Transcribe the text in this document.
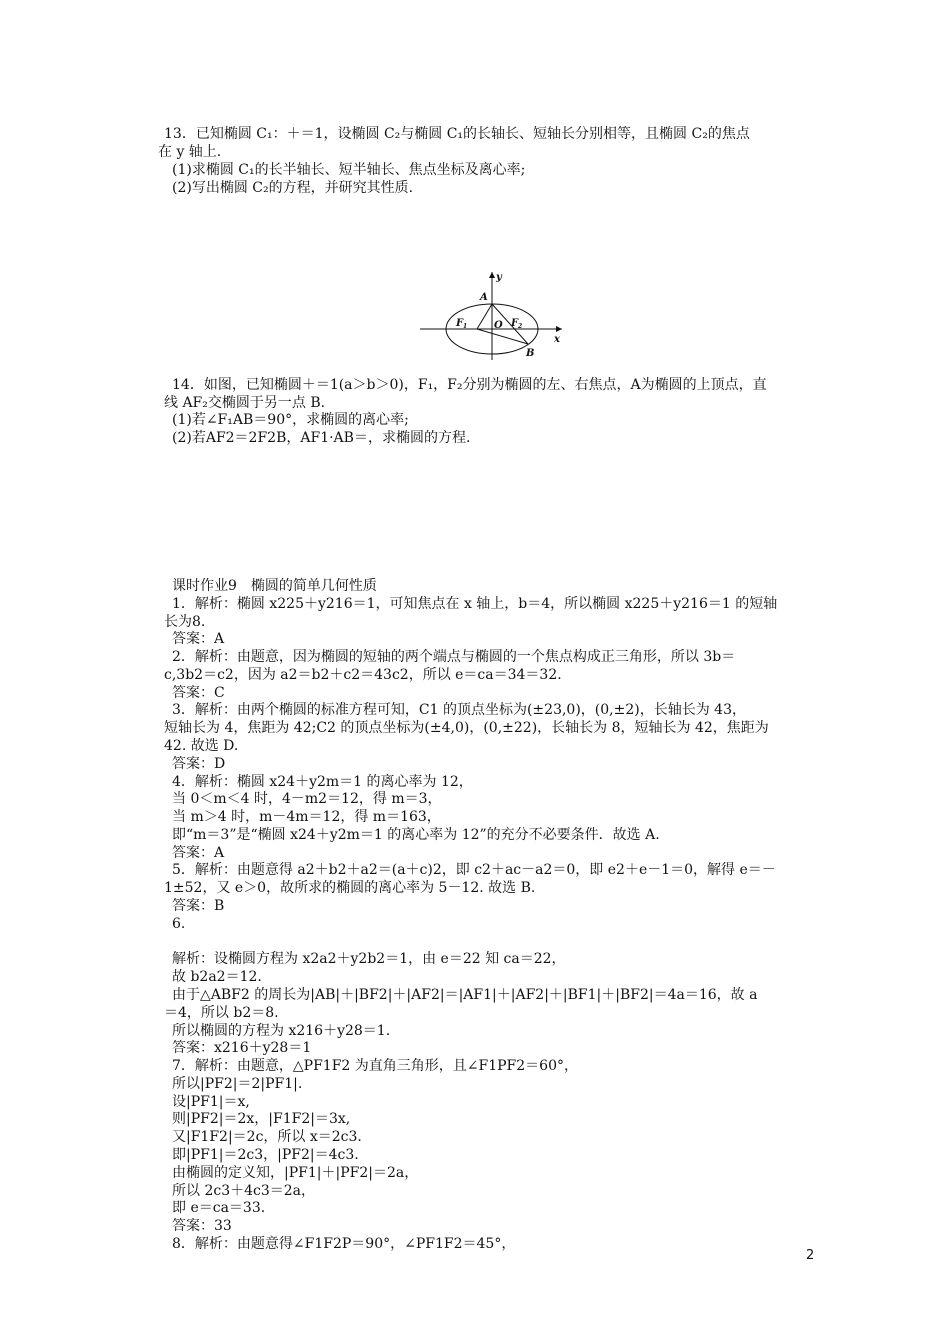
13．已知椭圆 C₁：＋＝1，设椭圆 C₂与椭圆 C₁的长轴长、短轴长分别相等，且椭圆 C₂的焦点
在 y 轴上.
(1)求椭圆 C₁的长半轴长、短半轴长、焦点坐标及离心率;
(2)写出椭圆 C₂的方程，并研究其性质.
y
x
A
O
F 1	F 2
B
14．如图，已知椭圆＋＝1(a＞b＞0)，F₁，F₂分别为椭圆的左、右焦点，A为椭圆的上顶点，直
线 AF₂交椭圆于另一点 B.
(1)若∠F₁AB＝90°，求椭圆的离心率;
(2)若AF2＝2F2B，AF1·AB＝，求椭圆的方程.
课时作业9　椭圆的简单几何性质
1．解析：椭圆 x225＋y216＝1，可知焦点在 x 轴上，b＝4，所以椭圆 x225＋y216＝1 的短轴
长为8.
答案：A
2．解析：由题意，因为椭圆的短轴的两个端点与椭圆的一个焦点构成正三角形，所以 3b＝
c,3b2＝c2，因为 a2＝b2＋c2＝43c2，所以 e＝ca＝34＝32.
答案：C
3．解析：由两个椭圆的标准方程可知，C1 的顶点坐标为(±23,0)，(0,±2)，长轴长为 43，
短轴长为 4，焦距为 42;C2 的顶点坐标为(±4,0)，(0,±22)，长轴长为 8，短轴长为 42，焦距为
42. 故选 D.
答案：D
4．解析：椭圆 x24＋y2m＝1 的离心率为 12，
当 0＜m＜4 时，4－m2＝12，得 m＝3，
当 m＞4 时，m－4m＝12，得 m＝163，
即“m＝3”是“椭圆 x24＋y2m＝1 的离心率为 12”的充分不必要条件．故选 A.
答案：A
5．解析：由题意得 a2＋b2＋a2＝(a＋c)2，即 c2＋ac－a2＝0，即 e2＋e－1＝0，解得 e＝－
1±52，又 e＞0，故所求的椭圆的离心率为 5－12. 故选 B.
答案：B
6.
解析：设椭圆方程为 x2a2＋y2b2＝1，由 e＝22 知 ca＝22，
故 b2a2＝12.
由于△ABF2 的周长为|AB|＋|BF2|＋|AF2|＝|AF1|＋|AF2|＋|BF1|＋|BF2|＝4a＝16，故 a
＝4，所以 b2＝8.
所以椭圆的方程为 x216＋y28＝1.
答案：x216＋y28＝1
7．解析：由题意，△PF1F2 为直角三角形，且∠F1PF2＝60°，
所以|PF2|＝2|PF1|.
设|PF1|＝x,
则|PF2|＝2x，|F1F2|＝3x,
又|F1F2|＝2c，所以 x＝2c3.
即|PF1|＝2c3，|PF2|＝4c3.
由椭圆的定义知，|PF1|＋|PF2|＝2a，
所以 2c3＋4c3＝2a，
即 e＝ca＝33.
答案：33
8．解析：由题意得∠F1F2P＝90°，∠PF1F2＝45°，
2
